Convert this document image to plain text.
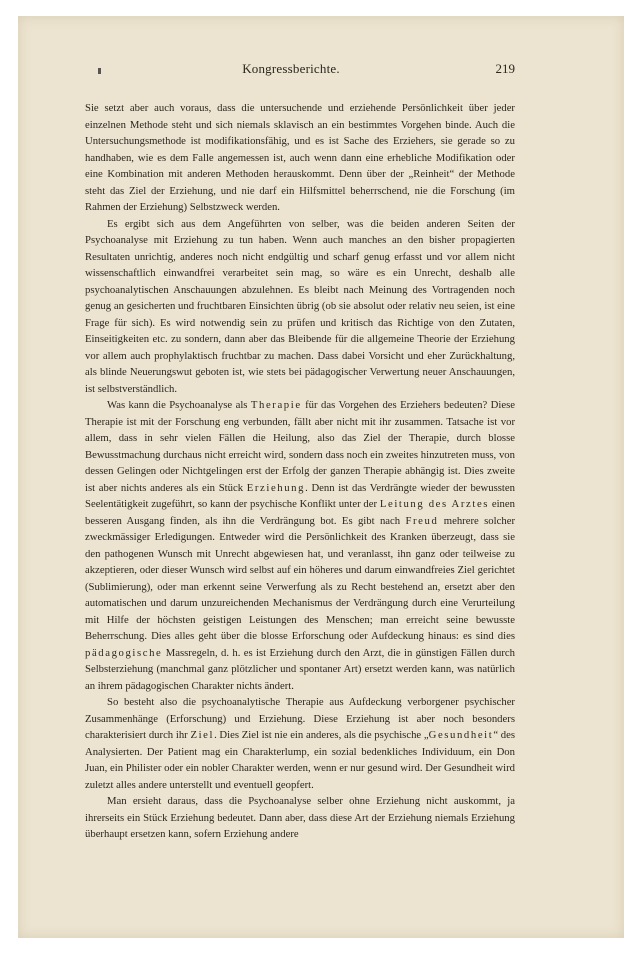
Kongressberichte.	219

Sie setzt aber auch voraus, dass die untersuchende und erziehende Persönlichkeit über jeder einzelnen Methode steht und sich niemals sklavisch an ein bestimmtes Vorgehen binde. Auch die Untersuchungsmethode ist modifikationsfähig, und es ist Sache des Erziehers, sie gerade so zu handhaben, wie es dem Falle angemessen ist, auch wenn dann eine erhebliche Modifikation oder eine Kombination mit anderen Methoden herauskommt. Denn über der „Reinheit“ der Methode steht das Ziel der Erziehung, und nie darf ein Hilfsmittel beherrschend, nie die Forschung (im Rahmen der Erziehung) Selbstzweck werden.

Es ergibt sich aus dem Angeführten von selber, was die beiden anderen Seiten der Psychoanalyse mit Erziehung zu tun haben. Wenn auch manches an den bisher propagierten Resultaten unrichtig, anderes noch nicht endgültig und scharf genug erfasst und vor allem nicht wissenschaftlich einwandfrei verarbeitet sein mag, so wäre es ein Unrecht, deshalb alle psychoanalytischen Anschauungen abzulehnen. Es bleibt nach Meinung des Vortragenden noch genug an gesicherten und fruchtbaren Einsichten übrig (ob sie absolut oder relativ neu seien, ist eine Frage für sich). Es wird notwendig sein zu prüfen und kritisch das Richtige von den Zutaten, Einseitigkeiten etc. zu sondern, dann aber das Bleibende für die allgemeine Theorie der Erziehung vor allem auch prophylaktisch fruchtbar zu machen. Dass dabei Vorsicht und eher Zurückhaltung, als blinde Neuerungswut geboten ist, wie stets bei pädagogischer Verwertung neuer Anschauungen, ist selbstverständlich.

Was kann die Psychoanalyse als Therapie für das Vorgehen des Erziehers bedeuten? Diese Therapie ist mit der Forschung eng verbunden, fällt aber nicht mit ihr zusammen. Tatsache ist vor allem, dass in sehr vielen Fällen die Heilung, also das Ziel der Therapie, durch blosse Bewusstmachung durchaus nicht erreicht wird, sondern dass noch ein zweites hinzutreten muss, von dessen Gelingen oder Nichtgelingen erst der Erfolg der ganzen Therapie abhängig ist. Dies zweite ist aber nichts anderes als ein Stück Erziehung. Denn ist das Verdrängte wieder der bewussten Seelentätigkeit zugeführt, so kann der psychische Konflikt unter der Leitung des Arztes einen besseren Ausgang finden, als ihn die Verdrängung bot. Es gibt nach Freud mehrere solcher zweckmässiger Erledigungen. Entweder wird die Persönlichkeit des Kranken überzeugt, dass sie den pathogenen Wunsch mit Unrecht abgewiesen hat, und veranlasst, ihn ganz oder teilweise zu akzeptieren, oder dieser Wunsch wird selbst auf ein höheres und darum einwandfreies Ziel gerichtet (Sublimierung), oder man erkennt seine Verwerfung als zu Recht bestehend an, ersetzt aber den automatischen und darum unzureichenden Mechanismus der Verdrängung durch eine Verurteilung mit Hilfe der höchsten geistigen Leistungen des Menschen; man erreicht seine bewusste Beherrschung. Dies alles geht über die blosse Erforschung oder Aufdeckung hinaus: es sind dies pädagogische Massregeln, d. h. es ist Erziehung durch den Arzt, die in günstigen Fällen durch Selbsterziehung (manchmal ganz plötzlicher und spontaner Art) ersetzt werden kann, was natürlich an ihrem pädagogischen Charakter nichts ändert.

So besteht also die psychoanalytische Therapie aus Aufdeckung verborgener psychischer Zusammenhänge (Erforschung) und Erziehung. Diese Erziehung ist aber noch besonders charakterisiert durch ihr Ziel. Dies Ziel ist nie ein anderes, als die psychische „Gesundheit“ des Analysierten. Der Patient mag ein Charakterlump, ein sozial bedenkliches Individuum, ein Don Juan, ein Philister oder ein nobler Charakter werden, wenn er nur gesund wird. Der Gesundheit wird zuletzt alles andere unterstellt und eventuell geopfert.

Man ersieht daraus, dass die Psychoanalyse selber ohne Erziehung nicht auskommt, ja ihrerseits ein Stück Erziehung bedeutet. Dann aber, dass diese Art der Erziehung niemals Erziehung überhaupt ersetzen kann, sofern Erziehung andere
